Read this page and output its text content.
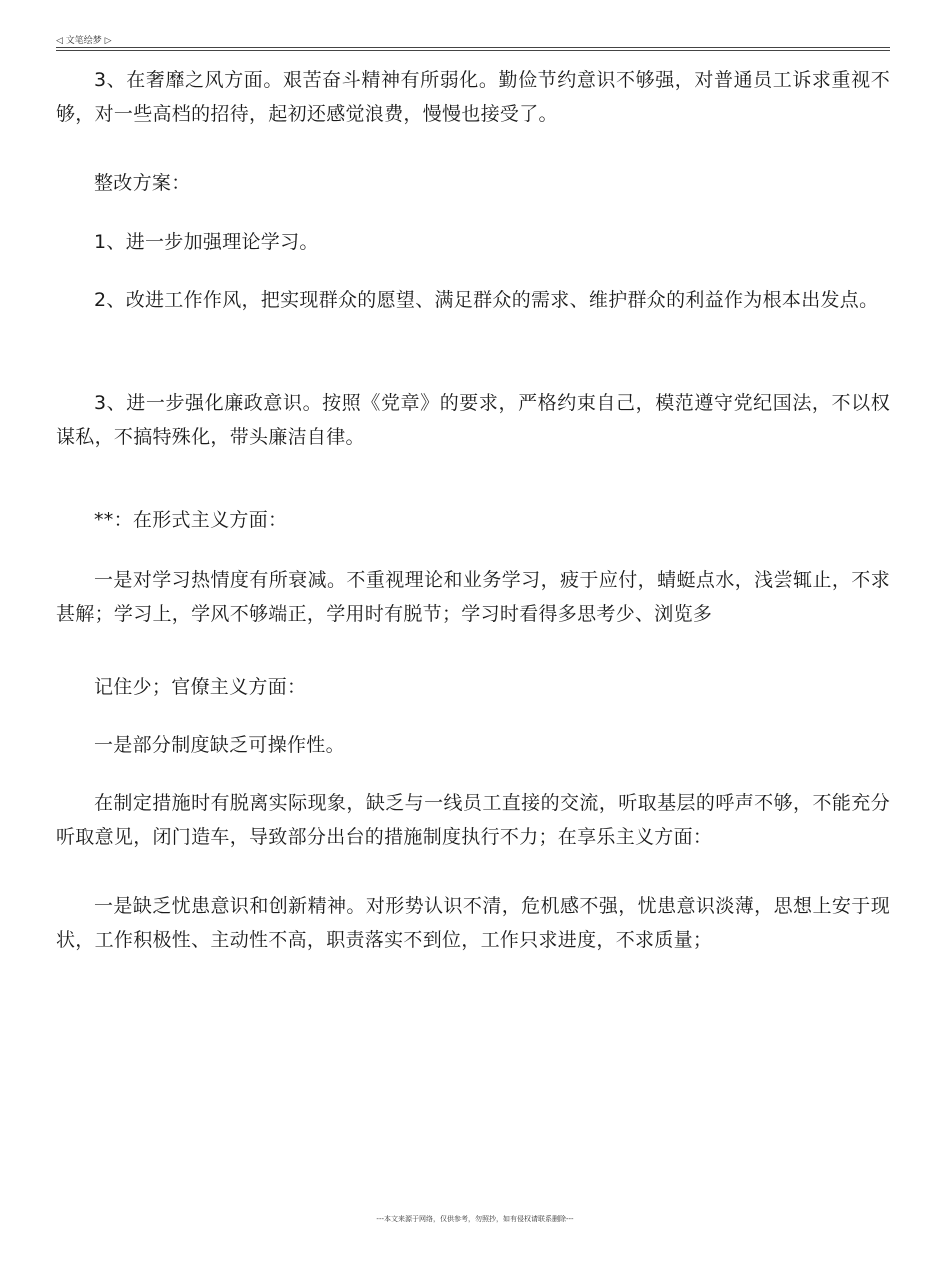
◁ 文笔绘梦 ▷

3、在奢靡之风方面。艰苦奋斗精神有所弱化。勤俭节约意识不够强，对普通员工诉求重视不够，对一些高档的招待，起初还感觉浪费，慢慢也接受了。

整改方案：

1、进一步加强理论学习。

2、改进工作作风，把实现群众的愿望、满足群众的需求、维护群众的利益作为根本出发点。

3、进一步强化廉政意识。按照《党章》的要求，严格约束自己，模范遵守党纪国法，不以权谋私，不搞特殊化，带头廉洁自律。

**：在形式主义方面：

一是对学习热情度有所衰减。不重视理论和业务学习，疲于应付，蜻蜓点水，浅尝辄止，不求甚解；学习上，学风不够端正，学用时有脱节；学习时看得多思考少、浏览多

记住少；官僚主义方面：

一是部分制度缺乏可操作性。

在制定措施时有脱离实际现象，缺乏与一线员工直接的交流，听取基层的呼声不够，不能充分听取意见，闭门造车，导致部分出台的措施制度执行不力；在享乐主义方面：

一是缺乏忧患意识和创新精神。对形势认识不清，危机感不强，忧患意识淡薄，思想上安于现状，工作积极性、主动性不高，职责落实不到位，工作只求进度，不求质量；

---本文来源于网络，仅供参考，勿照抄，如有侵权请联系删除---
